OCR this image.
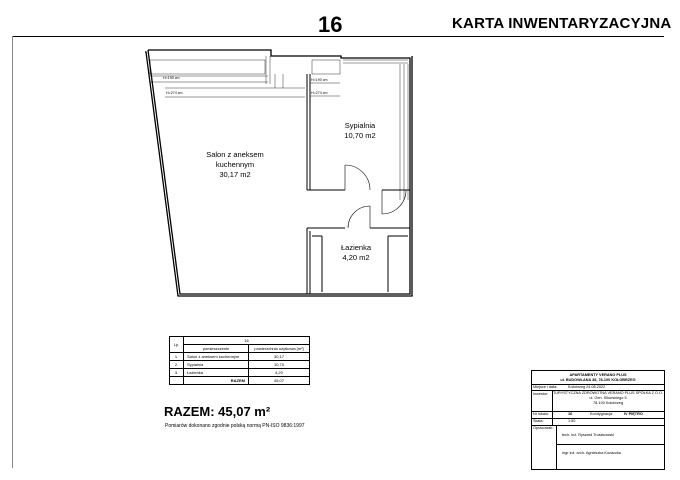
16	KARTA INWENTARYZACYJNA
H=190 cm
H=274 cm
H=190 cm
H=274 cm
Salon z aneksem
kuchennym
30,17 m2
Sypialnia
10,70 m2
Łazienka
4,20 m2
Lp.	16	
	pomieszczenie	powierzchnia użytkowa [m²]
1.	Salon z aneksem kuchennym	30,17
2.	Sypialnia	10,70
3.	Łazienka	4,20
	RAZEM	45,07
RAZEM: 45,07 m²
Pomiarów dokonano zgodnie polską normą PN-ISO 9836:1997
APARTAMENTY VERANO PLUS
ul. BUDOWLANA 38, 78-100 KOŁOBRZEG
Miejsce i data:	Kołobrzeg 24.08.2022
Inwestor: TURYSTYCZNA ZDROWOTNA VERANO PLUS SPÓŁKA Z O.O.
ul. Gen. Sikorskiego 5
78-100 Kołobrzeg
Nr lokalu:	16	Kondygnacja:	IV PIĘTRO
Skala:	1:50
Opracowali:
tech. inż. Ryszard Truszkowski
mgr inż. arch. Agnieszka Kozaczka
